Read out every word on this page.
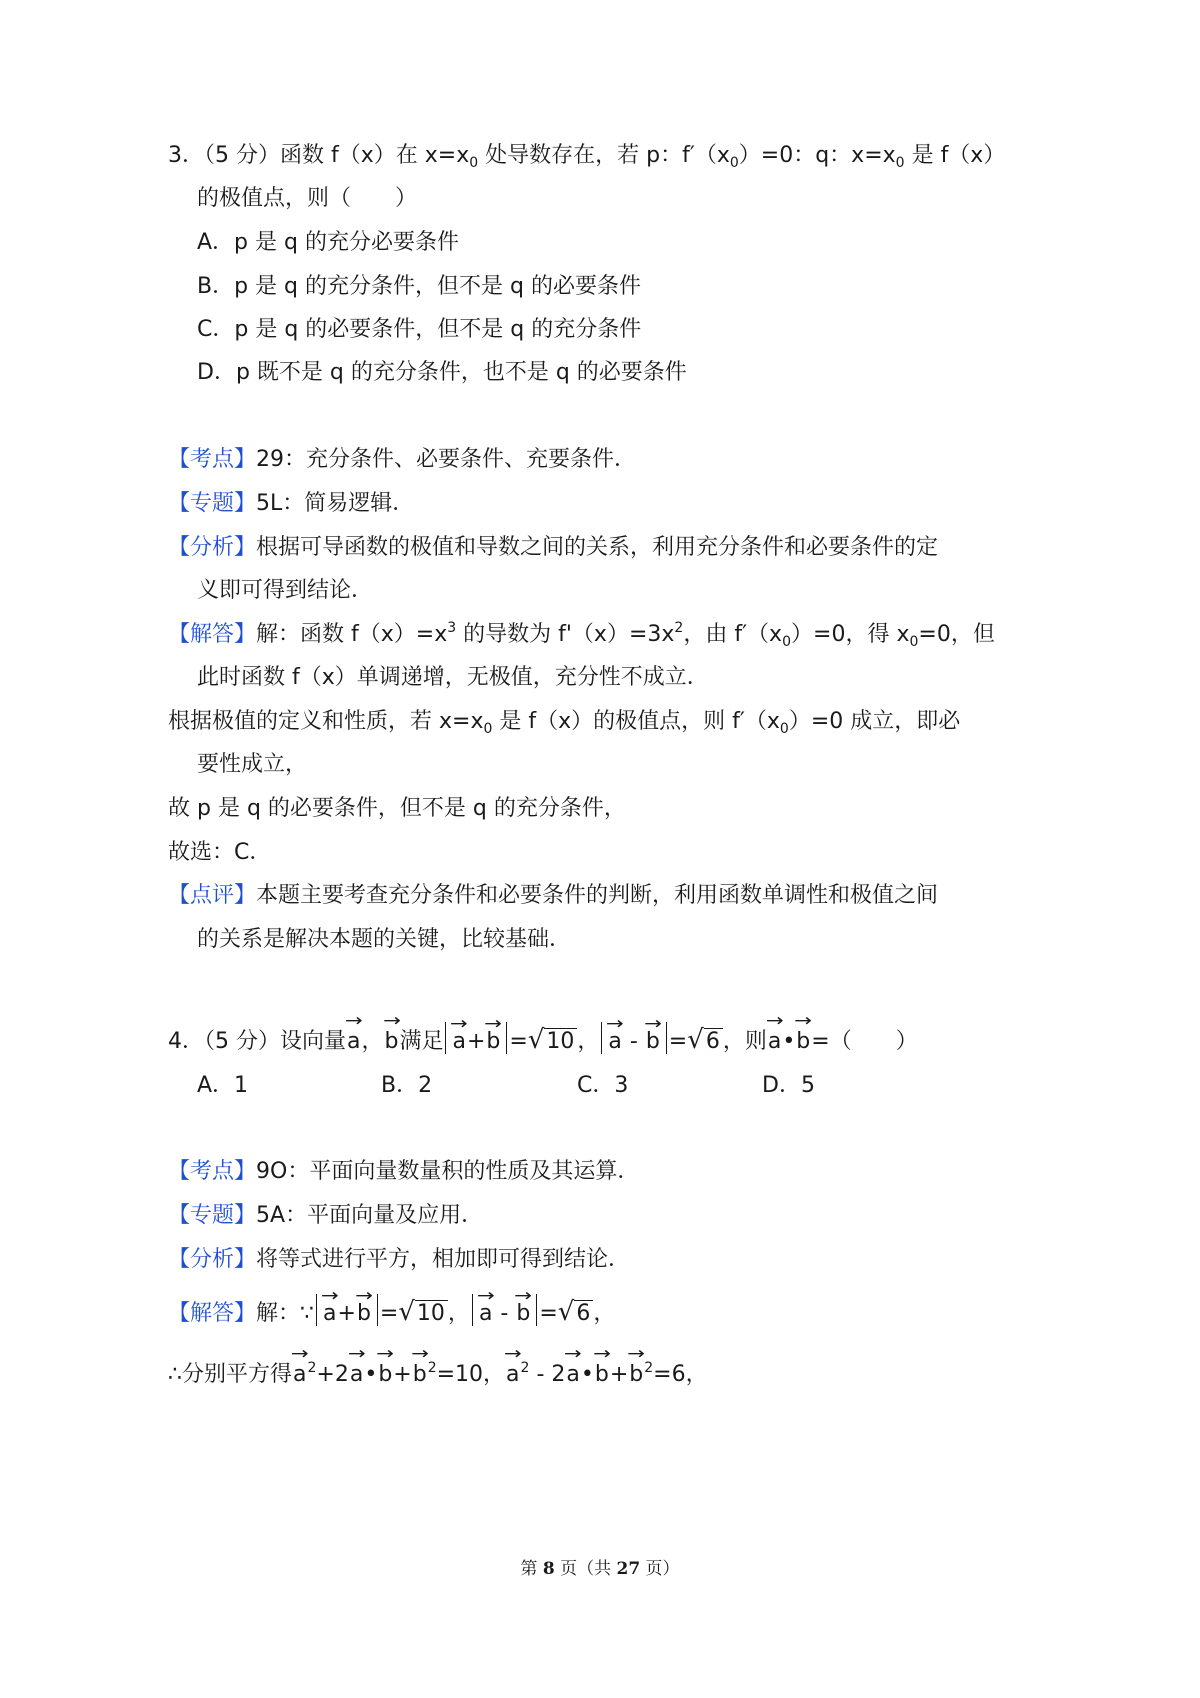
3．（5 分）函数 f（x）在 $x=x_0$ 处导数存在，若 p：$f'(x_0)=0$：q：$x=x_0$ 是 f（x）
的极值点，则（　　）
A．p 是 q 的充分必要条件
B．p 是 q 的充分条件，但不是 q 的必要条件
C．p 是 q 的必要条件，但不是 q 的充分条件
D．p 既不是 q 的充分条件，也不是 q 的必要条件
【考点】29：充分条件、必要条件、充要条件．
【专题】5L：简易逻辑．
【分析】根据可导函数的极值和导数之间的关系，利用充分条件和必要条件的定
义即可得到结论．
【解答】解：函数 $f(x)=x^3$ 的导数为 $f'(x)=3x^2$，由 $f'(x_0)=0$，得 $x_0=0$，但
此时函数 f（x）单调递增，无极值，充分性不成立．
根据极值的定义和性质，若 $x=x_0$ 是 f（x）的极值点，则 $f'(x_0)=0$ 成立，即必
要性成立，
故 p 是 q 的必要条件，但不是 q 的充分条件，
故选：C．
【点评】本题主要考查充分条件和必要条件的判断，利用函数单调性和极值之间
的关系是解决本题的关键，比较基础．
4．（5 分）设向量→ a，→ b满足 → a+→ b =√10 ， → a - → b =√6 ，则→ a•→ b=（　　）
A．1	B．2	C．3	D．5
【考点】9O：平面向量数量积的性质及其运算．
【专题】5A：平面向量及应用．
【分析】将等式进行平方，相加即可得到结论．
【解答】解：∵ → a+→ b =√10 ， → a - → b =√6 ，
∴分别平方得→ $a^2+2\to$ a•→ $b+\to b^2=10$，→ $a^2 - 2\to$ a•→ $b+\to b^2=6$，
第 8 页（共 27 页）
